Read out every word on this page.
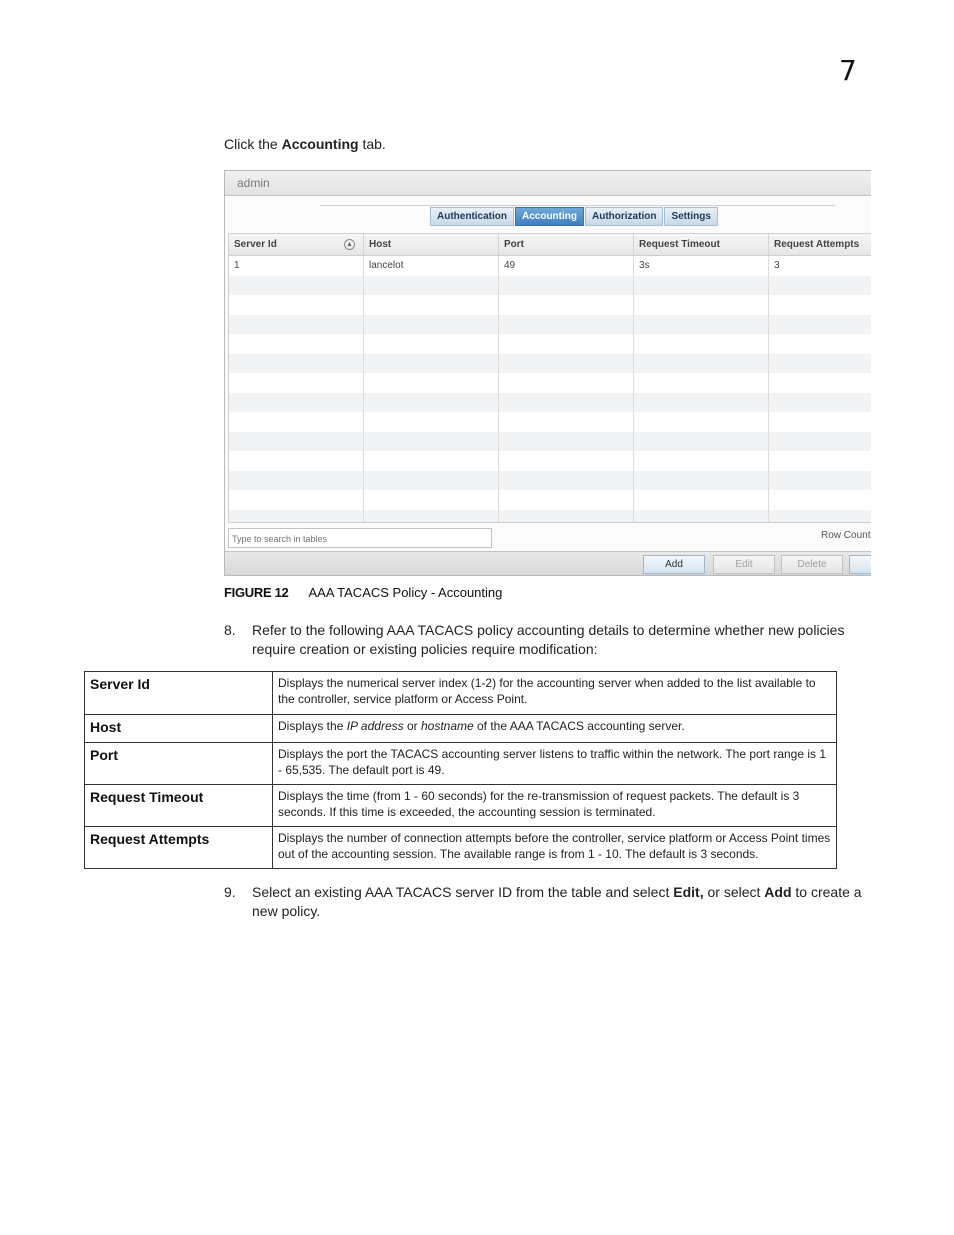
7
Click the Accounting tab.
admin
Authentication	Accounting	Authorization	Settings
Server Id	▲	Host	Port	Request Timeout	Request Attempts
1	lancelot	49	3s	3
Type to search in tables
Row Count
Add	Edit	Delete
FIGURE 12 AAA TACACS Policy - Accounting
8. Refer to the following AAA TACACS policy accounting details to determine whether new policies require creation or existing policies require modification:
Server Id	Displays the numerical server index (1-2) for the accounting server when added to the list available to the controller, service platform or Access Point.
Host	Displays the IP address or hostname of the AAA TACACS accounting server.
Port	Displays the port the TACACS accounting server listens to traffic within the network. The port range is 1 - 65,535. The default port is 49.
Request Timeout	Displays the time (from 1 - 60 seconds) for the re-transmission of request packets. The default is 3 seconds. If this time is exceeded, the accounting session is terminated.
Request Attempts	Displays the number of connection attempts before the controller, service platform or Access Point times out of the accounting session. The available range is from 1 - 10. The default is 3 seconds.
9. Select an existing AAA TACACS server ID from the table and select Edit, or select Add to create a new policy.
